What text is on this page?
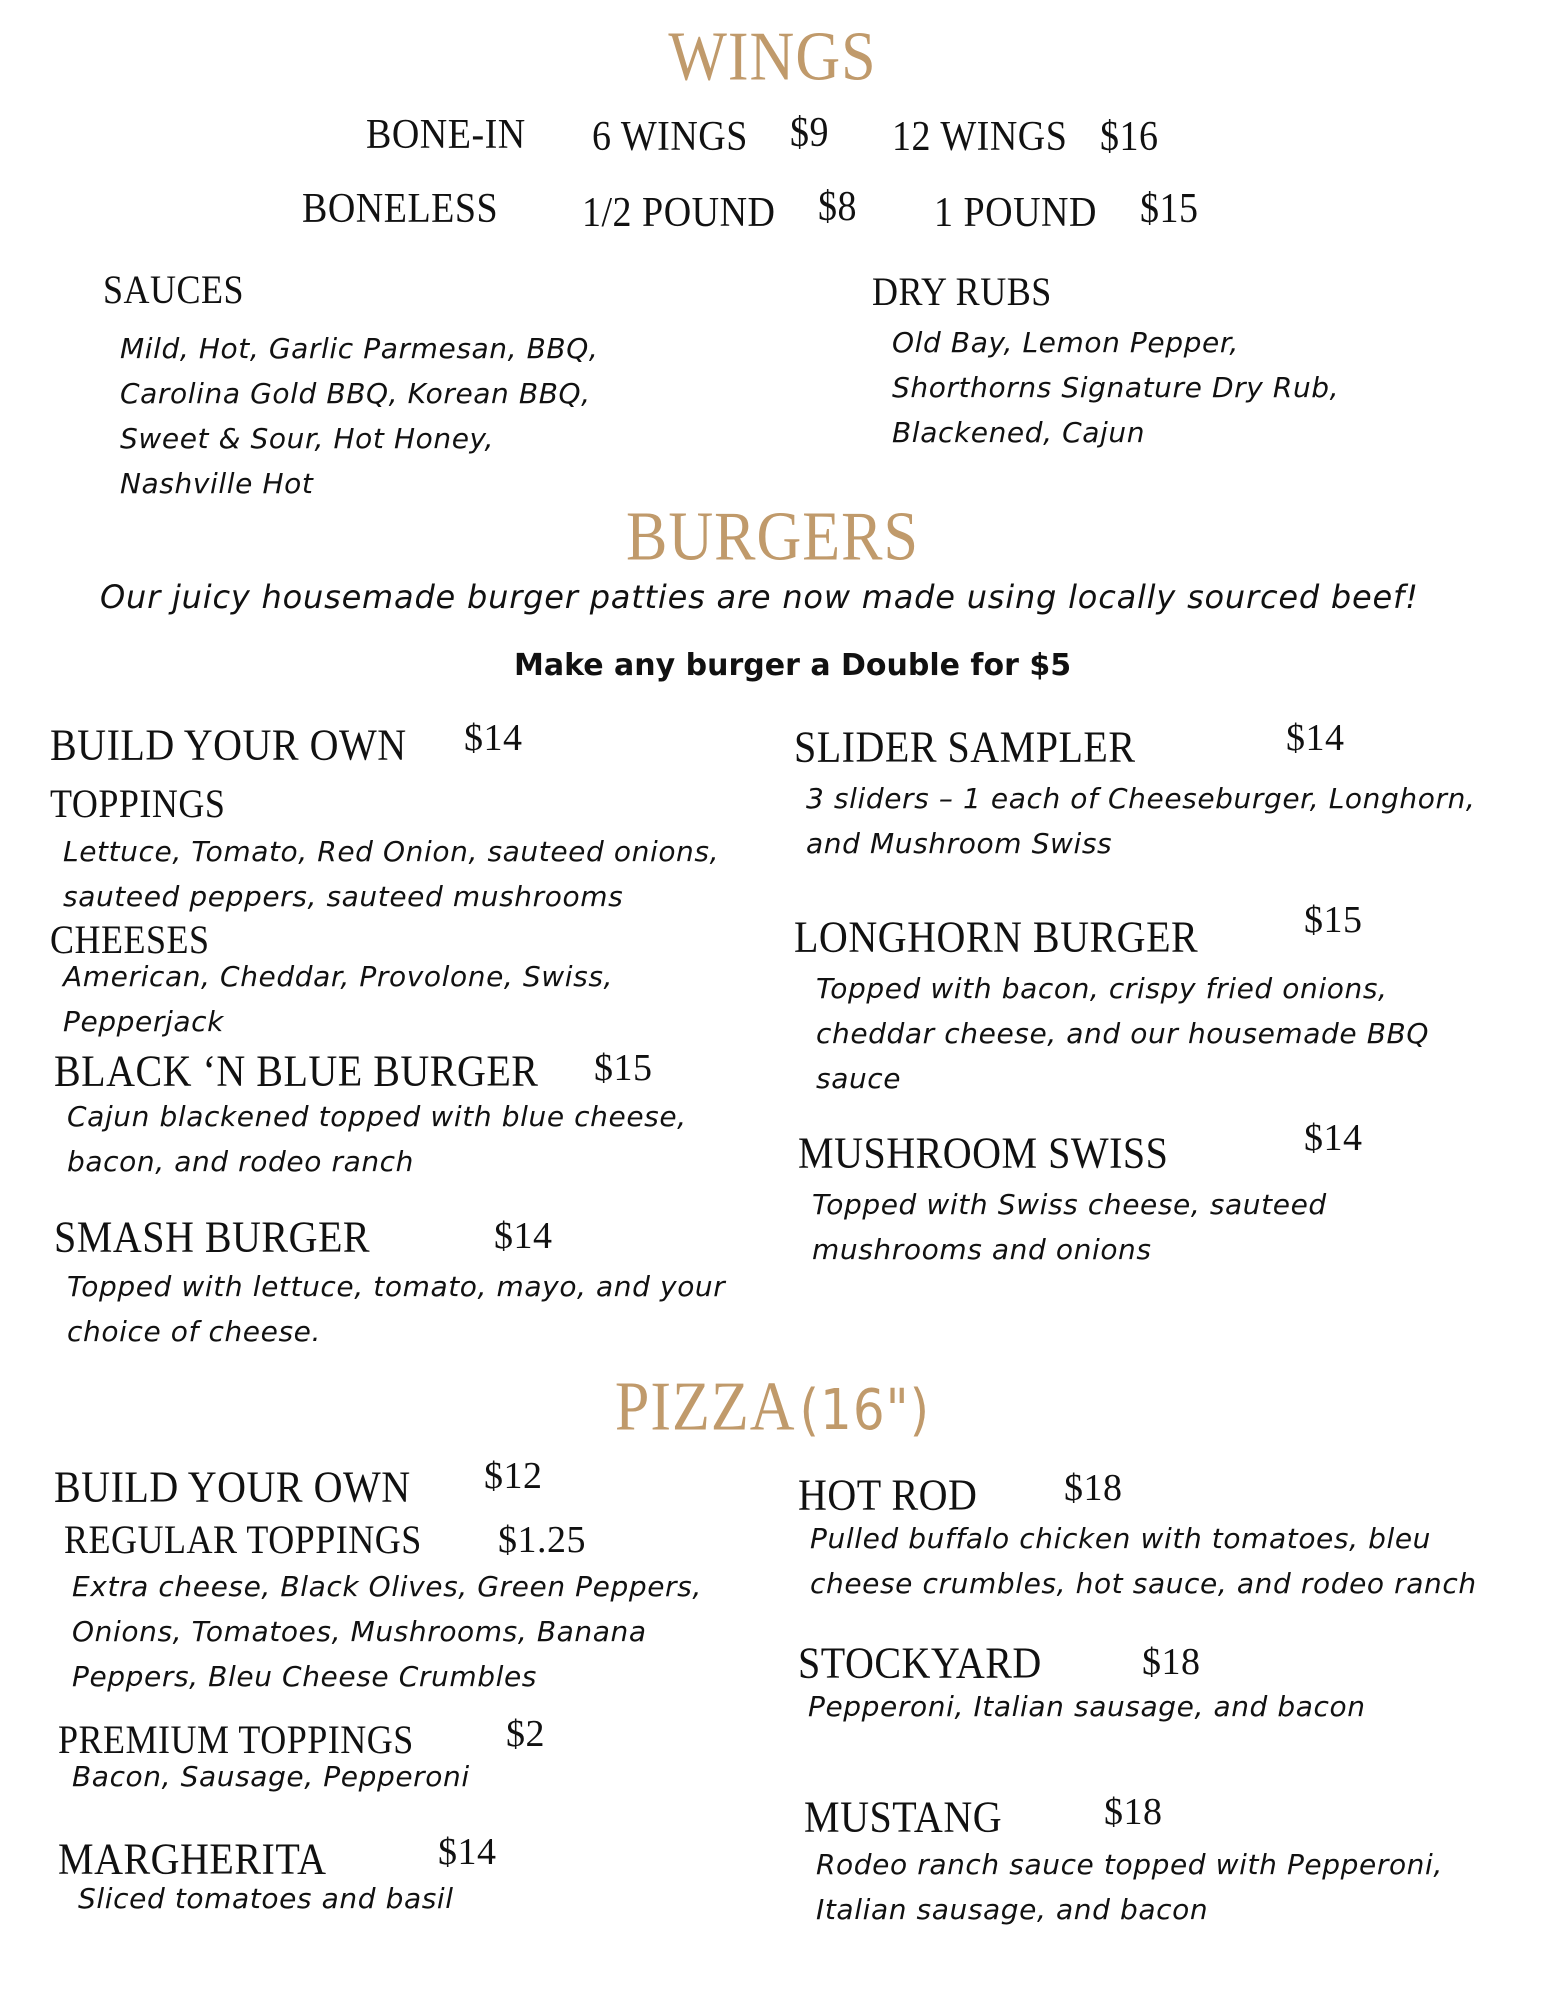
WINGS
BONE-IN 6 WINGS $9 12 WINGS $16
BONELESS 1/2 POUND $8 1 POUND $15
SAUCES
Mild, Hot, Garlic Parmesan, BBQ,
Carolina Gold BBQ, Korean BBQ,
Sweet & Sour, Hot Honey,
Nashville Hot
DRY RUBS
Old Bay, Lemon Pepper,
Shorthorns Signature Dry Rub,
Blackened, Cajun
BURGERS
Our juicy housemade burger patties are now made using locally sourced beef!
Make any burger a Double for $5
BUILD YOUR OWN $14
TOPPINGS
Lettuce, Tomato, Red Onion, sauteed onions,
sauteed peppers, sauteed mushrooms
CHEESES
American, Cheddar, Provolone, Swiss,
Pepperjack
BLACK ‘N BLUE BURGER $15
Cajun blackened topped with blue cheese,
bacon, and rodeo ranch
SMASH BURGER	$14
Topped with lettuce, tomato, mayo, and your
choice of cheese.
SLIDER SAMPLER	$14
3 sliders – 1 each of Cheeseburger, Longhorn,
and Mushroom Swiss
LONGHORN BURGER	$15
Topped with bacon, crispy fried onions,
cheddar cheese, and our housemade BBQ
sauce
MUSHROOM SWISS	$14
Topped with Swiss cheese, sauteed
mushrooms and onions
PIZZA (16")
BUILD YOUR OWN $12
REGULAR TOPPINGS $1.25
Extra cheese, Black Olives, Green Peppers,
Onions, Tomatoes, Mushrooms, Banana
Peppers, Bleu Cheese Crumbles
PREMIUM TOPPINGS $2
Bacon, Sausage, Pepperoni
MARGHERITA	$14
Sliced tomatoes and basil
HOT ROD $18
Pulled buffalo chicken with tomatoes, bleu
cheese crumbles, hot sauce, and rodeo ranch
STOCKYARD	$18
Pepperoni, Italian sausage, and bacon
MUSTANG	$18
Rodeo ranch sauce topped with Pepperoni,
Italian sausage, and bacon
